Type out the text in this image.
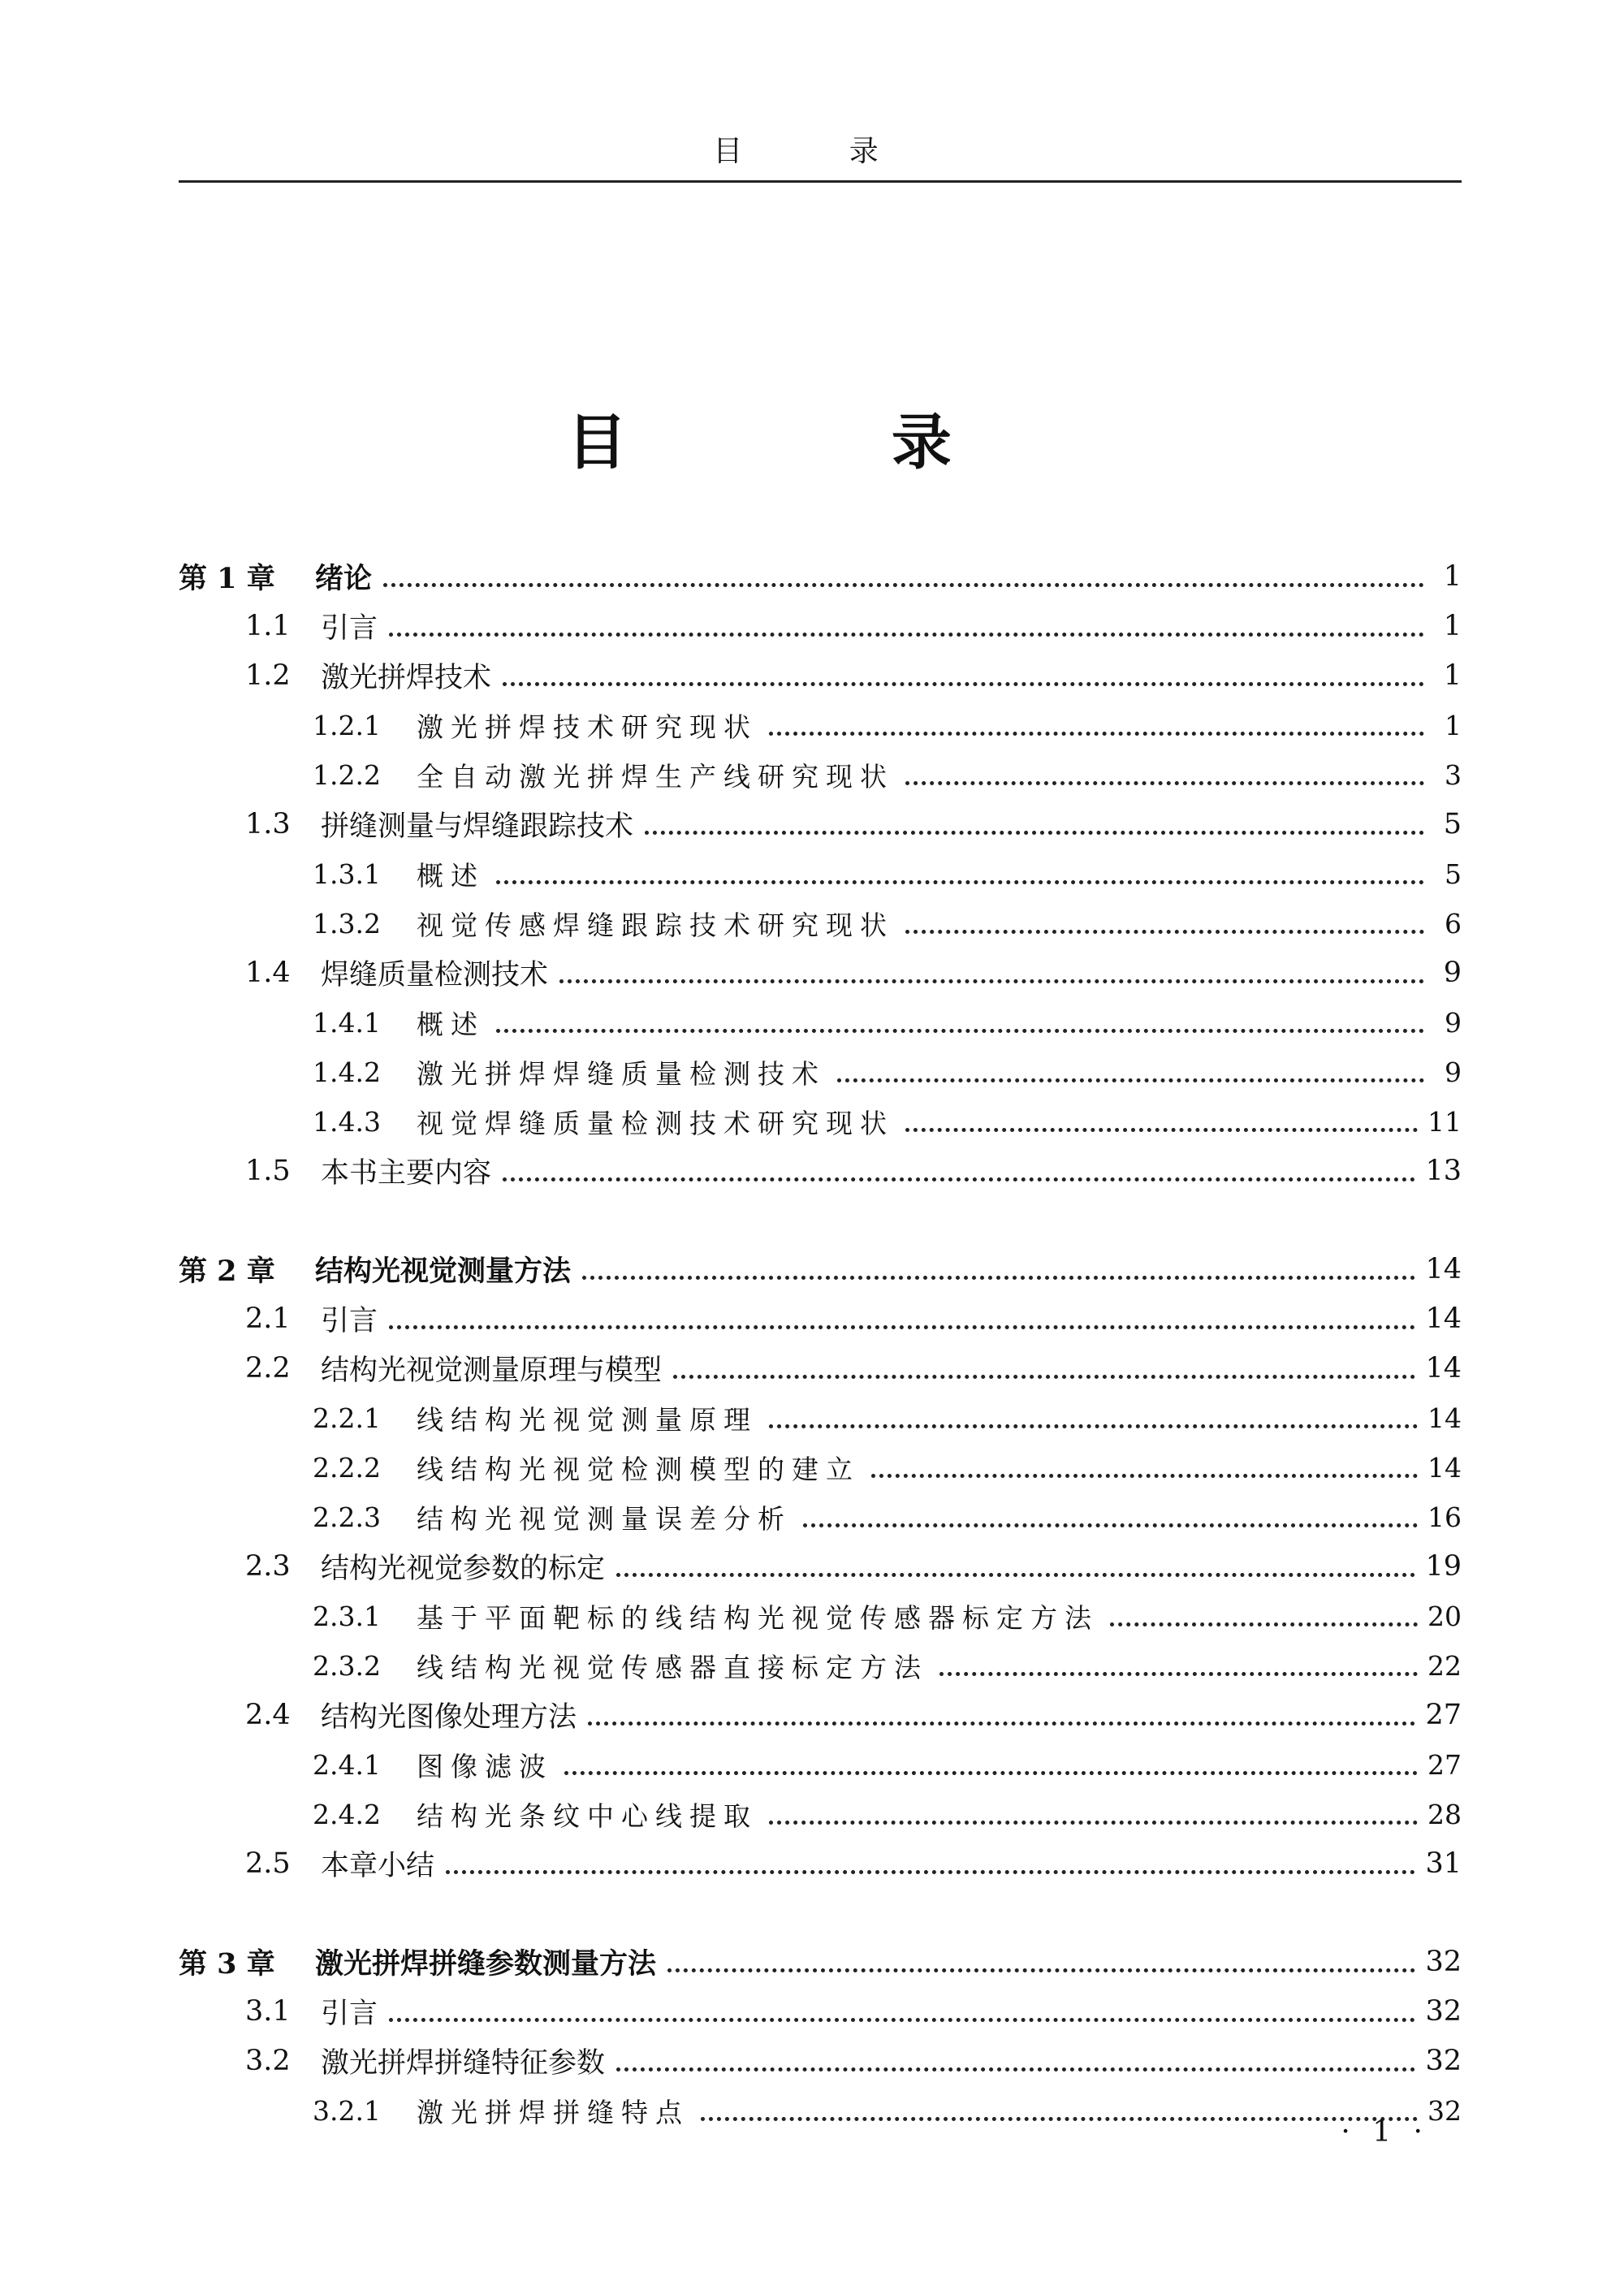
目 录
目 录
第 1 章	绪论	1
1.1	引言	1
1.2	激光拼焊技术	1
1.2.1	激光拼焊技术研究现状	1
1.2.2	全自动激光拼焊生产线研究现状	3
1.3	拼缝测量与焊缝跟踪技术	5
1.3.1	概述	5
1.3.2	视觉传感焊缝跟踪技术研究现状	6
1.4	焊缝质量检测技术	9
1.4.1	概述	9
1.4.2	激光拼焊焊缝质量检测技术	9
1.4.3	视觉焊缝质量检测技术研究现状	11
1.5	本书主要内容	13
第 2 章	结构光视觉测量方法	14
2.1	引言	14
2.2	结构光视觉测量原理与模型	14
2.2.1	线结构光视觉测量原理	14
2.2.2	线结构光视觉检测模型的建立	14
2.2.3	结构光视觉测量误差分析	16
2.3	结构光视觉参数的标定	19
2.3.1	基于平面靶标的线结构光视觉传感器标定方法	20
2.3.2	线结构光视觉传感器直接标定方法	22
2.4	结构光图像处理方法	27
2.4.1	图像滤波	27
2.4.2	结构光条纹中心线提取	28
2.5	本章小结	31
第 3 章	激光拼焊拼缝参数测量方法	32
3.1	引言	32
3.2	激光拼焊拼缝特征参数	32
3.2.1	激光拼焊拼缝特点	32
· 1 ·
